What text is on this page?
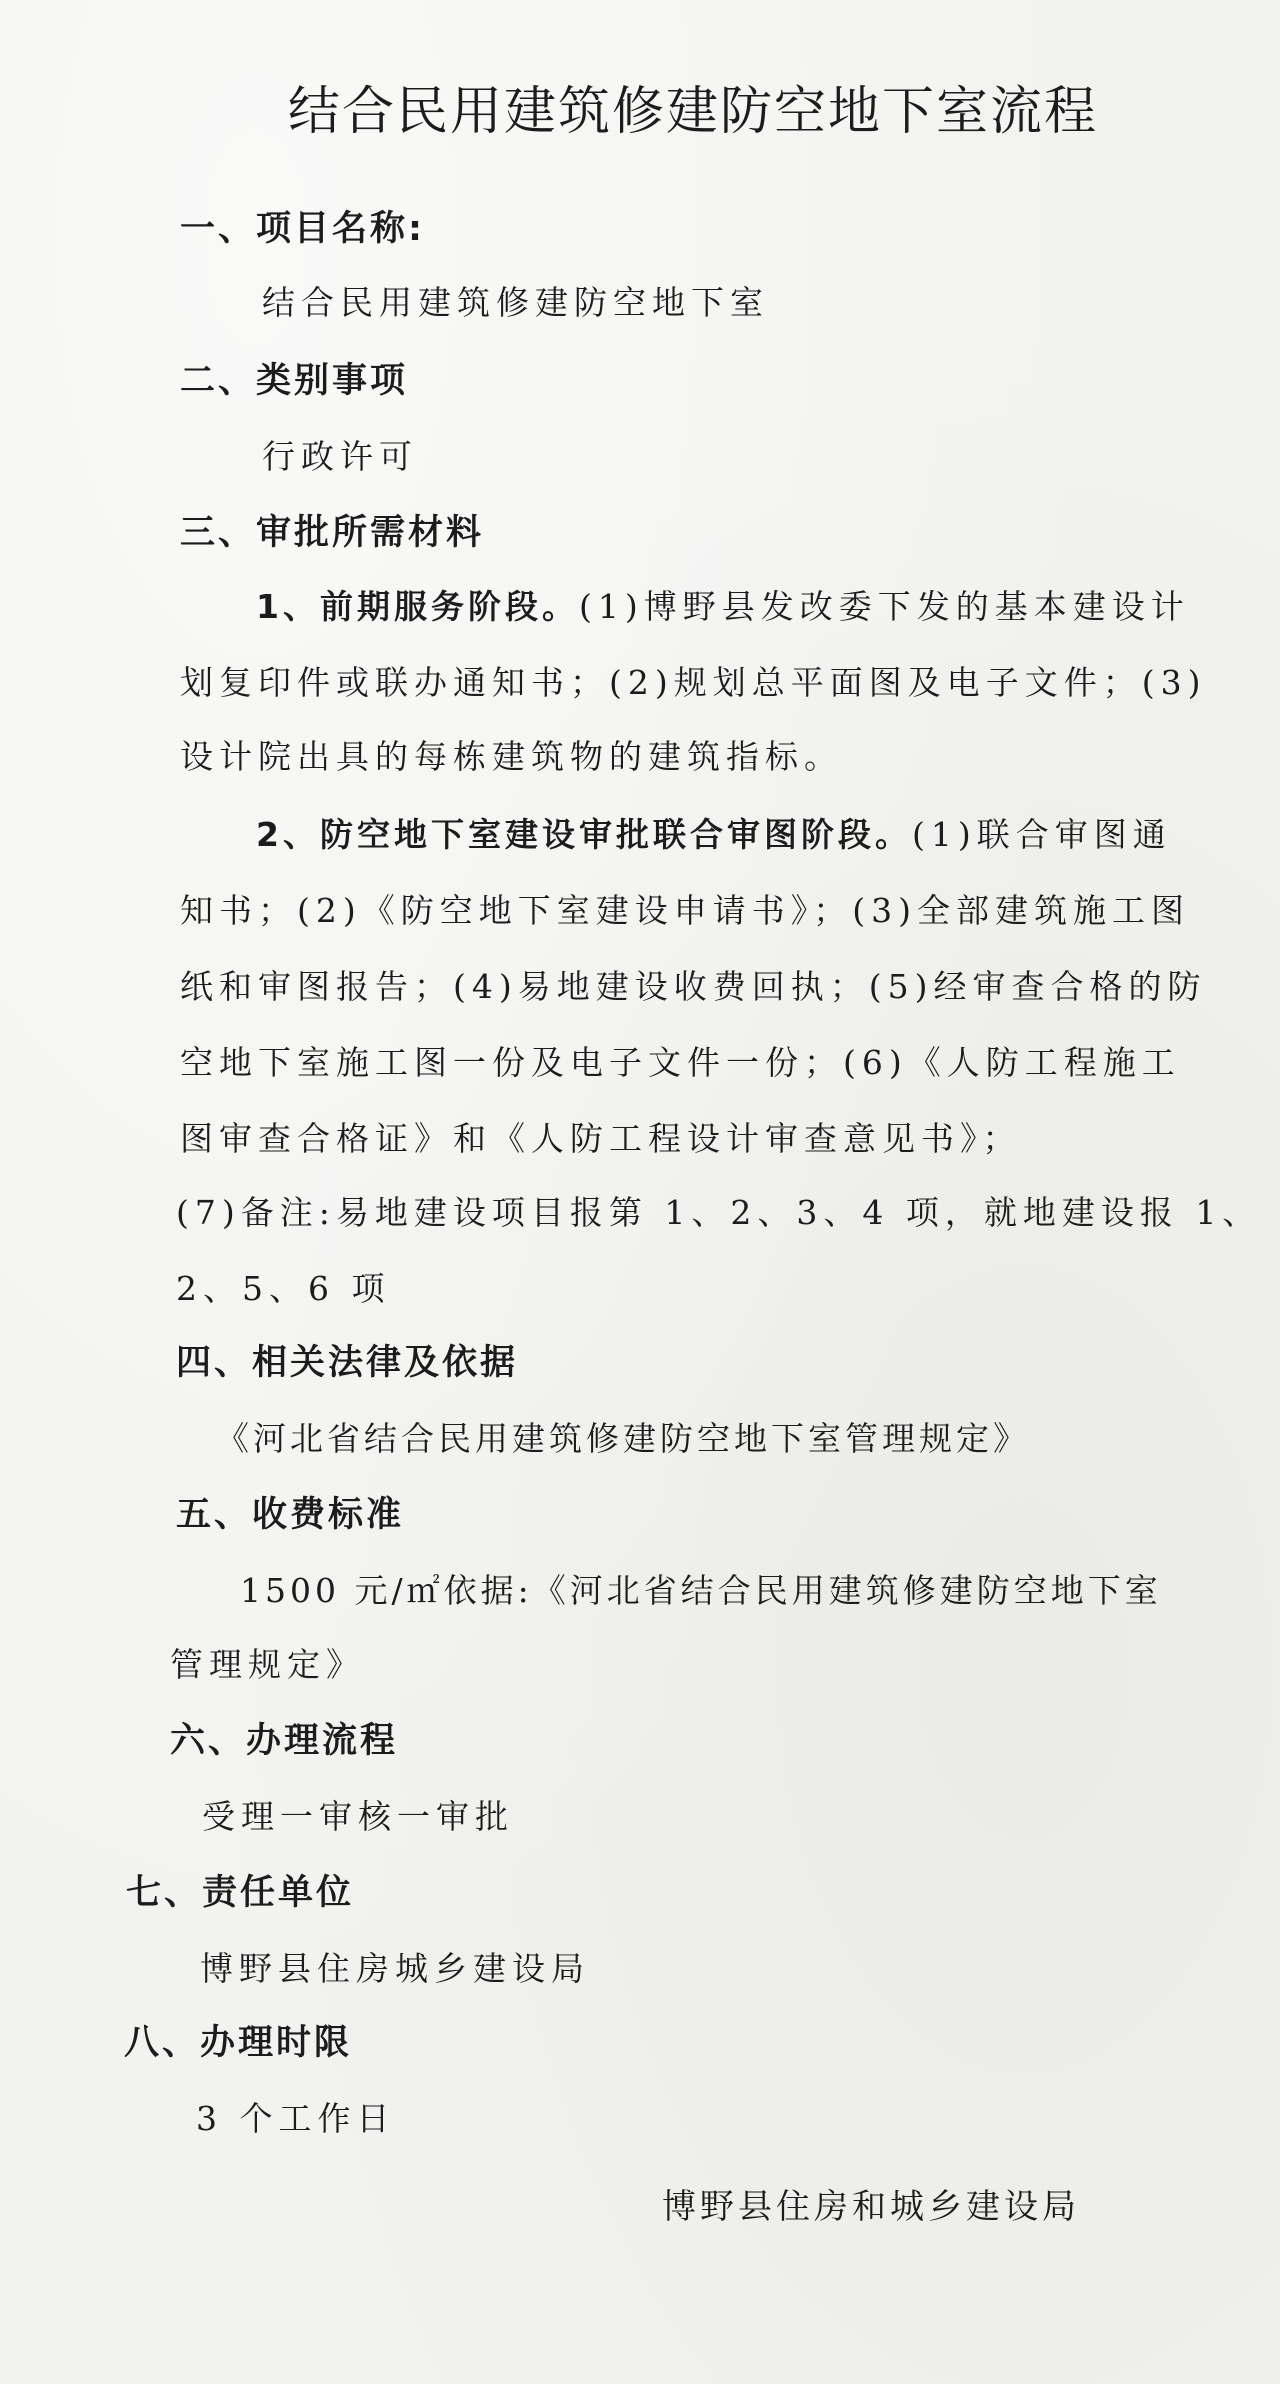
结合民用建筑修建防空地下室流程
一、项目名称:
结合民用建筑修建防空地下室
二、类别事项
行政许可
三、审批所需材料
1、前期服务阶段。(1)博野县发改委下发的基本建设计
划复印件或联办通知书；(2)规划总平面图及电子文件；(3)
设计院出具的每栋建筑物的建筑指标。
2、防空地下室建设审批联合审图阶段。(1)联合审图通
知书；(2)《防空地下室建设申请书》；(3)全部建筑施工图
纸和审图报告；(4)易地建设收费回执；(5)经审查合格的防
空地下室施工图一份及电子文件一份；(6)《人防工程施工
图审查合格证》和《人防工程设计审查意见书》；
(7)备注:易地建设项目报第 1、2、3、4 项，就地建设报 1、
2、5、6 项
四、相关法律及依据
《河北省结合民用建筑修建防空地下室管理规定》
五、收费标准
1500 元/㎡依据:《河北省结合民用建筑修建防空地下室
管理规定》
六、办理流程
受理一审核一审批
七、责任单位
博野县住房城乡建设局
八、办理时限
3 个工作日
博野县住房和城乡建设局
